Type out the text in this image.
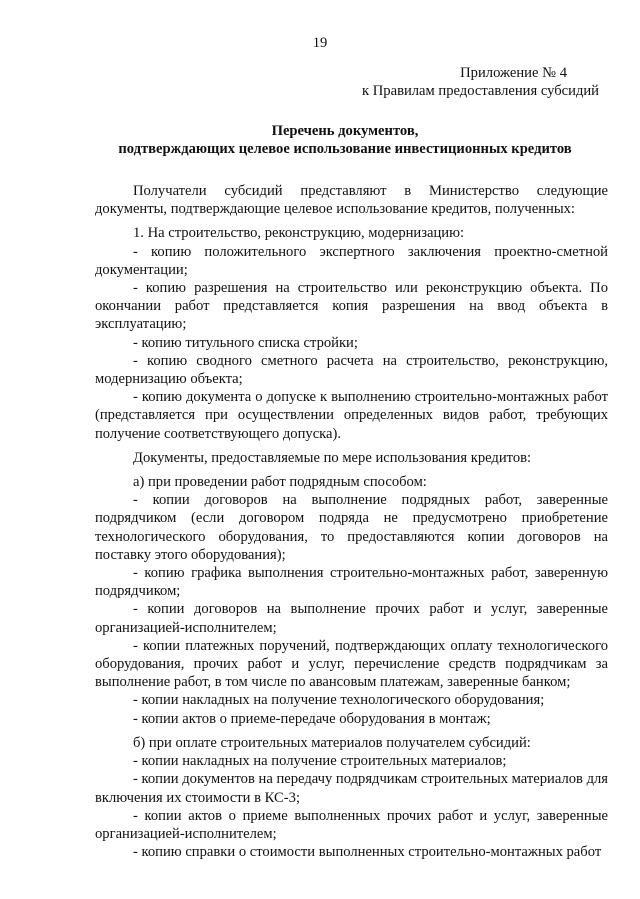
19
Приложение № 4
к Правилам предоставления субсидий
Перечень документов,
подтверждающих целевое использование инвестиционных кредитов

Получатели субсидий представляют в Министерство следующие документы, подтверждающие целевое использование кредитов, полученных:

1. На строительство, реконструкцию, модернизацию:

- копию положительного экспертного заключения проектно-сметной документации;

- копию разрешения на строительство или реконструкцию объекта. По окончании работ представляется копия разрешения на ввод объекта в эксплуатацию;

- копию титульного списка стройки;

- копию сводного сметного расчета на строительство, реконструкцию, модернизацию объекта;

- копию документа о допуске к выполнению строительно-монтажных работ (представляется при осуществлении определенных видов работ, требующих получение соответствующего допуска).

Документы, предоставляемые по мере использования кредитов:

а) при проведении работ подрядным способом:

- копии договоров на выполнение подрядных работ, заверенные подрядчиком (если договором подряда не предусмотрено приобретение технологического оборудования, то предоставляются копии договоров на поставку этого оборудования);

- копию графика выполнения строительно-монтажных работ, заверенную подрядчиком;

- копии договоров на выполнение прочих работ и услуг, заверенные организацией-исполнителем;

- копии платежных поручений, подтверждающих оплату технологического оборудования, прочих работ и услуг, перечисление средств подрядчикам за выполнение работ, в том числе по авансовым платежам, заверенные банком;

- копии накладных на получение технологического оборудования;

- копии актов о приеме-передаче оборудования в монтаж;

б) при оплате строительных материалов получателем субсидий:

- копии накладных на получение строительных материалов;

- копии документов на передачу подрядчикам строительных материалов для включения их стоимости в КС-3;

- копии актов о приеме выполненных прочих работ и услуг, заверенные организацией-исполнителем;

- копию справки о стоимости выполненных строительно-монтажных работ
